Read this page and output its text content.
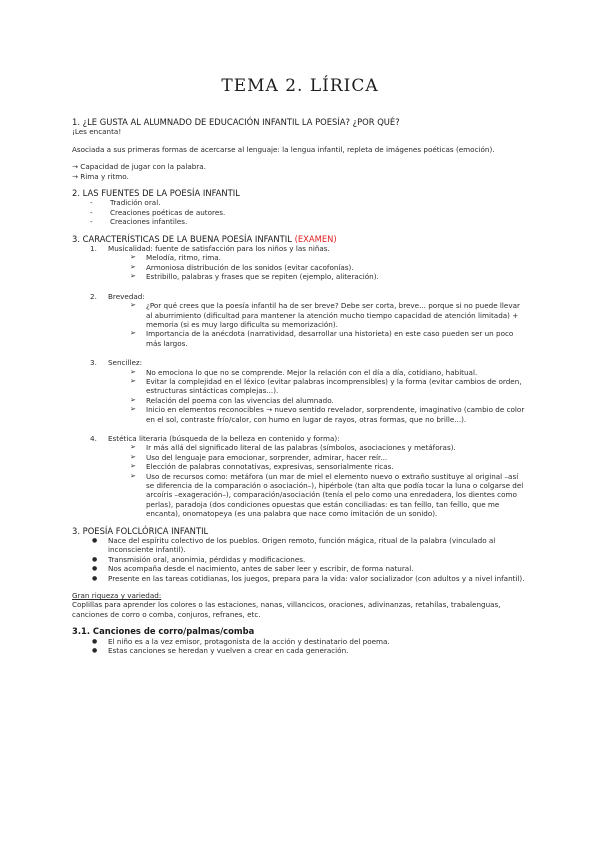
TEMA 2. LÍRICA

1. ¿LE GUSTA AL ALUMNADO DE EDUCACIÓN INFANTIL LA POESÍA? ¿POR QUÉ?

¡Les encanta!

Asociada a sus primeras formas de acercarse al lenguaje: la lengua infantil, repleta de imágenes poéticas (emoción).

→ Capacidad de jugar con la palabra.

→ Rima y ritmo.

2. LAS FUENTES DE LA POESÍA INFANTIL

-	Tradición oral.
-	Creaciones poéticas de autores.
-	Creaciones infantiles.

3. CARACTERÍSTICAS DE LA BUENA POESÍA INFANTIL (EXAMEN)

1. Musicalidad: fuente de satisfacción para los niños y las niñas.
➢ Melodía, ritmo, rima.
➢ Armoniosa distribución de los sonidos (evitar cacofonías).
➢ Estribillo, palabras y frases que se repiten (ejemplo, aliteración).
2. Brevedad:
➢ ¿Por qué crees que la poesía infantil ha de ser breve? Debe ser corta, breve... porque si no puede llevar al aburrimiento (dificultad para mantener la atención mucho tiempo capacidad de atención limitada) + memoria (si es muy largo dificulta su memorización).
➢ Importancia de la anécdota (narratividad, desarrollar una historieta) en este caso pueden ser un poco más largos.
3. Sencillez:
➢ No emociona lo que no se comprende. Mejor la relación con el día a día, cotidiano, habitual.
➢ Evitar la complejidad en el léxico (evitar palabras incomprensibles) y la forma (evitar cambios de orden, estructuras sintácticas complejas...).
➢ Relación del poema con las vivencias del alumnado.
➢ Inicio en elementos reconocibles → nuevo sentido revelador, sorprendente, imaginativo (cambio de color en el sol, contraste frío/calor, con humo en lugar de rayos, otras formas, que no brille...).
4. Estética literaria (búsqueda de la belleza en contenido y forma):
➢ Ir más allá del significado literal de las palabras (símbolos, asociaciones y metáforas).
➢ Uso del lenguaje para emocionar, sorprender, admirar, hacer reír...
➢ Elección de palabras connotativas, expresivas, sensorialmente ricas.
➢ Uso de recursos como: metáfora (un mar de miel el elemento nuevo o extraño sustituye al original –así se diferencia de la comparación o asociación–), hipérbole (tan alta que podía tocar la luna o colgarse del arcoíris –exageración–), comparación/asociación (tenía el pelo como una enredadera, los dientes como perlas), paradoja (dos condiciones opuestas que están conciliadas: es tan feíllo, tan feíllo, que me encanta), onomatopeya (es una palabra que nace como imitación de un sonido).

3. POESÍA FOLCLÓRICA INFANTIL

● Nace del espíritu colectivo de los pueblos. Origen remoto, función mágica, ritual de la palabra (vinculado al inconsciente infantil).
● Transmisión oral, anonimia, pérdidas y modificaciones.
● Nos acompaña desde el nacimiento, antes de saber leer y escribir, de forma natural.
● Presente en las tareas cotidianas, los juegos, prepara para la vida: valor socializador (con adultos y a nivel infantil).

Gran riqueza y variedad:

Coplillas para aprender los colores o las estaciones, nanas, villancicos, oraciones, adivinanzas, retahílas, trabalenguas, canciones de corro o comba, conjuros, refranes, etc.

3.1. Canciones de corro/palmas/comba

● El niño es a la vez emisor, protagonista de la acción y destinatario del poema.
● Estas canciones se heredan y vuelven a crear en cada generación.
